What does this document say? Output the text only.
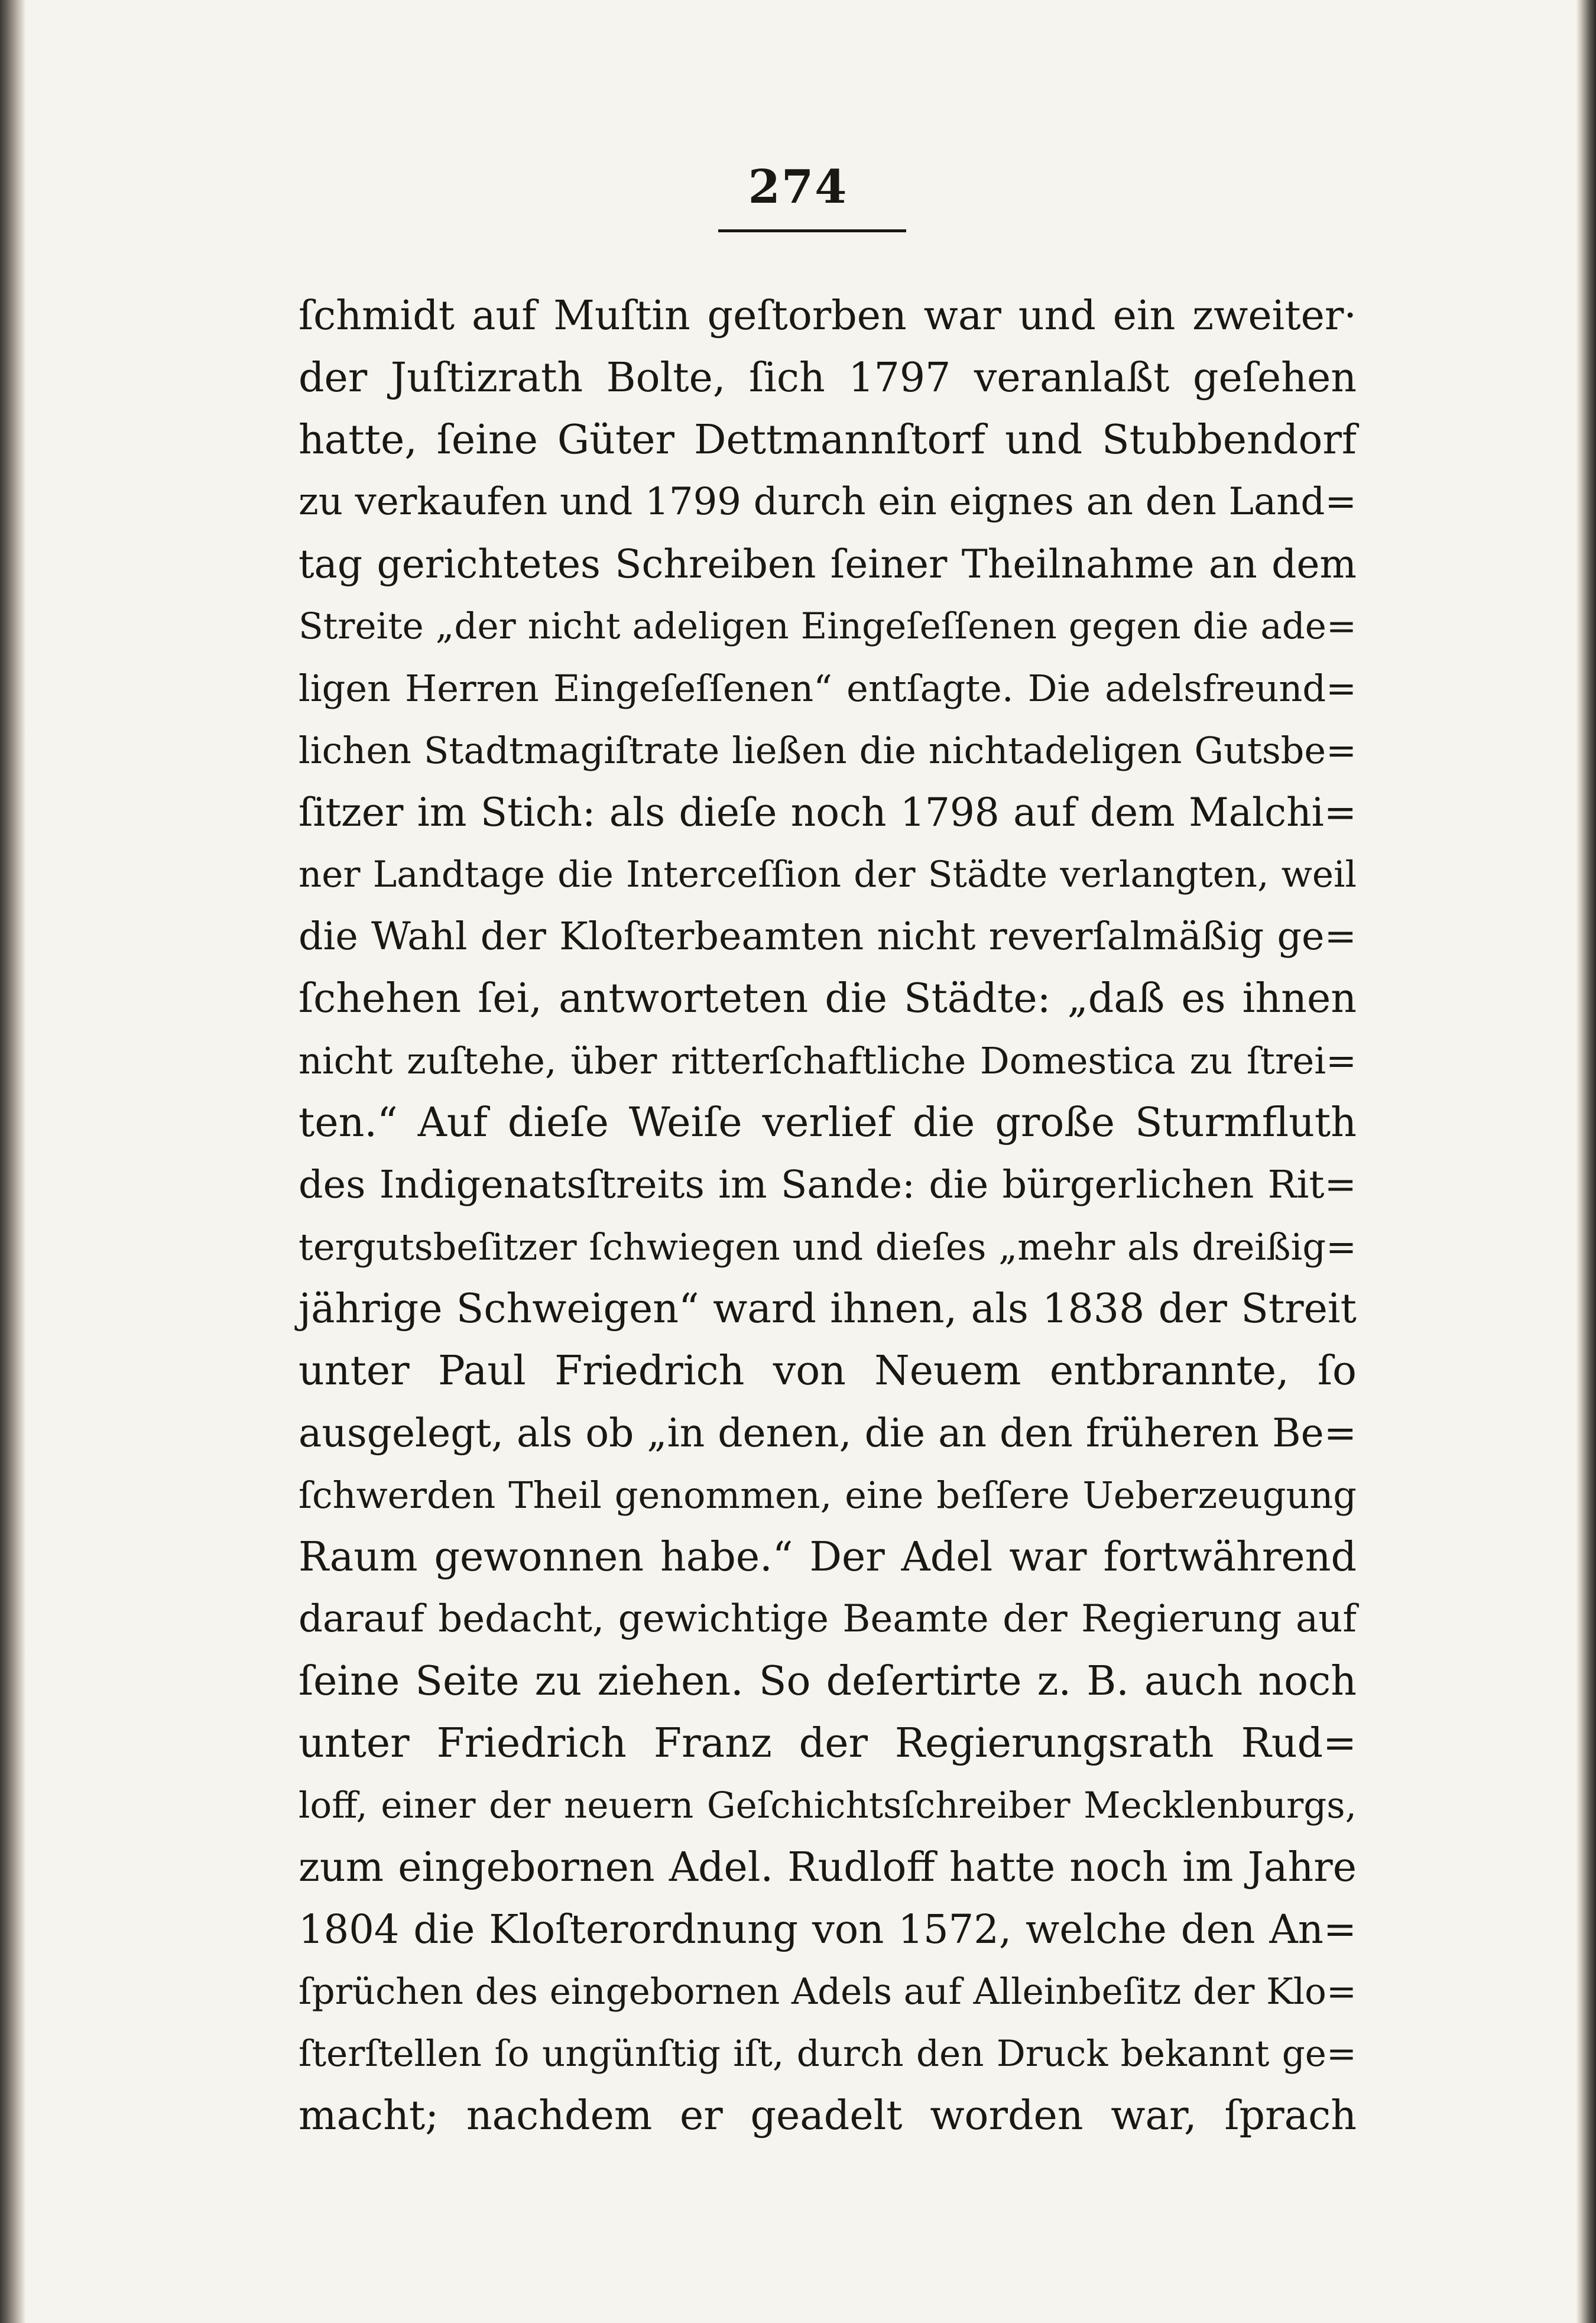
274
ſchmidt auf Muſtin geſtorben war und ein zweiter·
der Juſtizrath Bolte, ſich 1797 veranlaßt geſehen
hatte, ſeine Güter Dettmannſtorf und Stubbendorf
zu verkaufen und 1799 durch ein eignes an den Land=
tag gerichtetes Schreiben ſeiner Theilnahme an dem
Streite „der nicht adeligen Eingeſeſſenen gegen die ade=
ligen Herren Eingeſeſſenen“ entſagte. Die adelsfreund=
lichen Stadtmagiſtrate ließen die nichtadeligen Gutsbe=
ſitzer im Stich: als dieſe noch 1798 auf dem Malchi=
ner Landtage die Interceſſion der Städte verlangten, weil
die Wahl der Kloſterbeamten nicht reverſalmäßig ge=
ſchehen ſei, antworteten die Städte: „daß es ihnen
nicht zuſtehe, über ritterſchaftliche Domestica zu ſtrei=
ten.“ Auf dieſe Weiſe verlief die große Sturmfluth
des Indigenatsſtreits im Sande: die bürgerlichen Rit=
tergutsbeſitzer ſchwiegen und dieſes „mehr als dreißig=
jährige Schweigen“ ward ihnen, als 1838 der Streit
unter Paul Friedrich von Neuem entbrannte, ſo
ausgelegt, als ob „in denen, die an den früheren Be=
ſchwerden Theil genommen, eine beſſere Ueberzeugung
Raum gewonnen habe.“ Der Adel war fortwährend
darauf bedacht, gewichtige Beamte der Regierung auf
ſeine Seite zu ziehen. So deſertirte z. B. auch noch
unter Friedrich Franz der Regierungsrath Rud=
loff, einer der neuern Geſchichtsſchreiber Mecklenburgs,
zum eingebornen Adel. Rudloff hatte noch im Jahre
1804 die Kloſterordnung von 1572, welche den An=
ſprüchen des eingebornen Adels auf Alleinbeſitz der Klo=
ſterſtellen ſo ungünſtig iſt, durch den Druck bekannt ge=
macht; nachdem er geadelt worden war, ſprach
